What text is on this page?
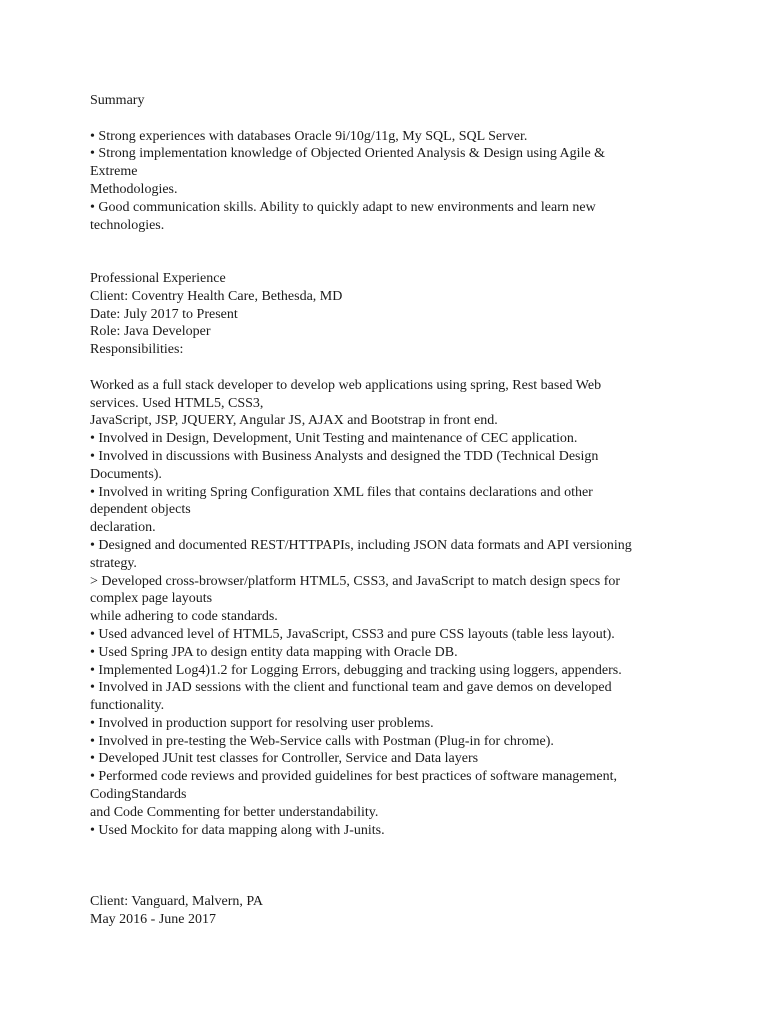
Summary
• Strong experiences with databases Oracle 9i/10g/11g, My SQL, SQL Server.
• Strong implementation knowledge of Objected Oriented Analysis & Design using Agile &
Extreme
Methodologies.
• Good communication skills. Ability to quickly adapt to new environments and learn new
technologies.
Professional Experience
Client: Coventry Health Care, Bethesda, MD
Date: July 2017 to Present
Role: Java Developer
Responsibilities:
Worked as a full stack developer to develop web applications using spring, Rest based Web
services. Used HTML5, CSS3,
JavaScript, JSP, JQUERY, Angular JS, AJAX and Bootstrap in front end.
• Involved in Design, Development, Unit Testing and maintenance of CEC application.
• Involved in discussions with Business Analysts and designed the TDD (Technical Design
Documents).
• Involved in writing Spring Configuration XML files that contains declarations and other
dependent objects
declaration.
• Designed and documented REST/HTTPAPIs, including JSON data formats and API versioning
strategy.
> Developed cross-browser/platform HTML5, CSS3, and JavaScript to match design specs for
complex page layouts
while adhering to code standards.
• Used advanced level of HTML5, JavaScript, CSS3 and pure CSS layouts (table less layout).
• Used Spring JPA to design entity data mapping with Oracle DB.
• Implemented Log4)1.2 for Logging Errors, debugging and tracking using loggers, appenders.
• Involved in JAD sessions with the client and functional team and gave demos on developed
functionality.
• Involved in production support for resolving user problems.
• Involved in pre-testing the Web-Service calls with Postman (Plug-in for chrome).
• Developed JUnit test classes for Controller, Service and Data layers
• Performed code reviews and provided guidelines for best practices of software management,
CodingStandards
and Code Commenting for better understandability.
• Used Mockito for data mapping along with J-units.
Client: Vanguard, Malvern, PA
May 2016 - June 2017
